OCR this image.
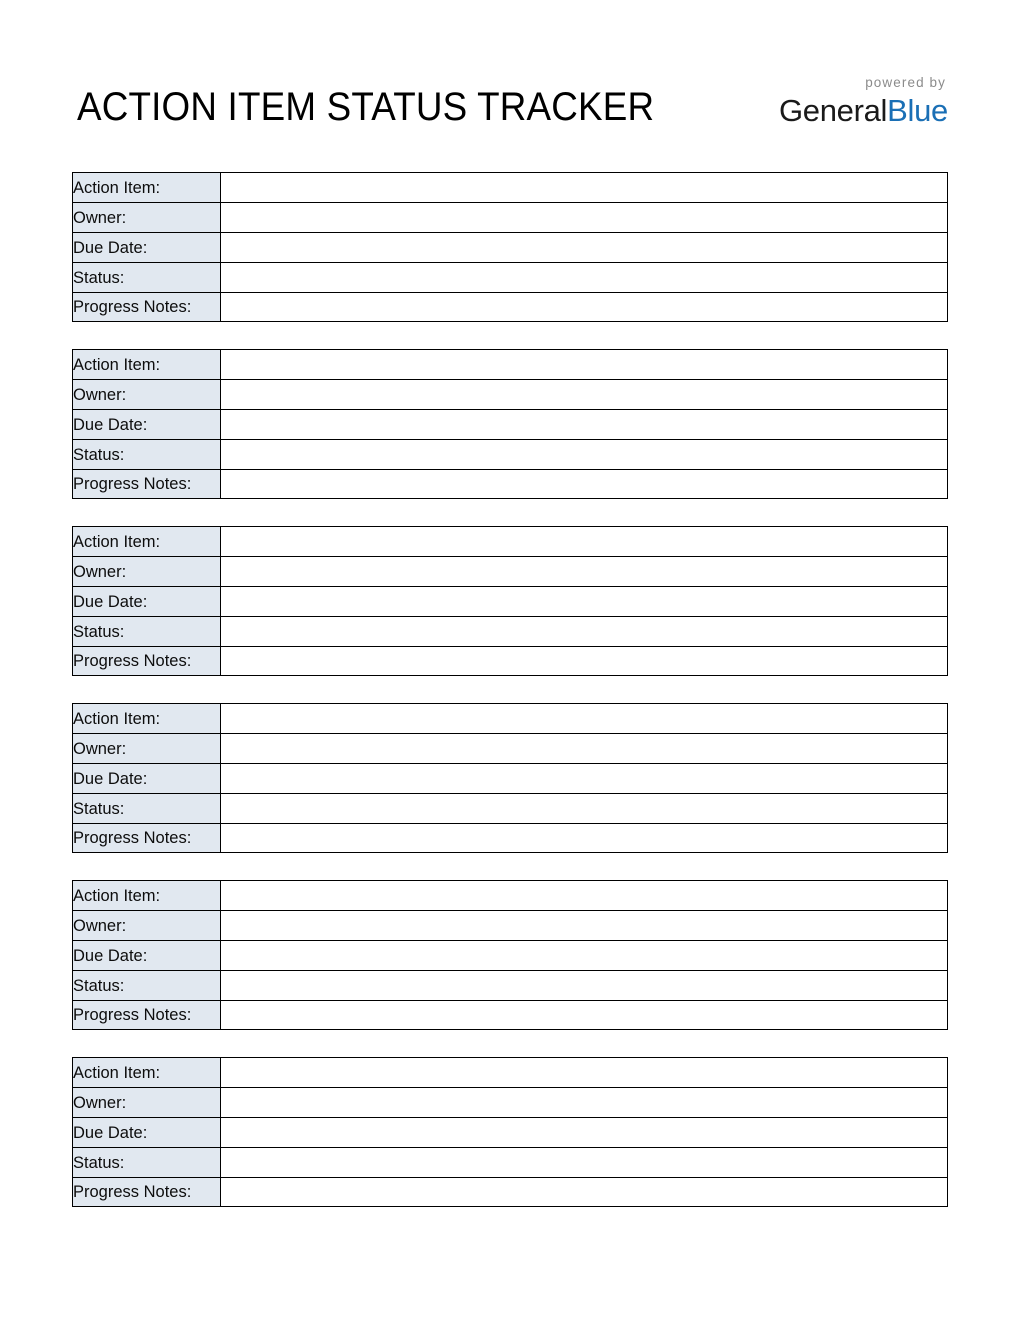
ACTION ITEM STATUS TRACKER
powered by
GeneralBlue
Action Item:	
Owner:	
Due Date:	
Status:	
Progress Notes:	
Action Item:	
Owner:	
Due Date:	
Status:	
Progress Notes:	
Action Item:	
Owner:	
Due Date:	
Status:	
Progress Notes:	
Action Item:	
Owner:	
Due Date:	
Status:	
Progress Notes:	
Action Item:	
Owner:	
Due Date:	
Status:	
Progress Notes:	
Action Item:	
Owner:	
Due Date:	
Status:	
Progress Notes:	
